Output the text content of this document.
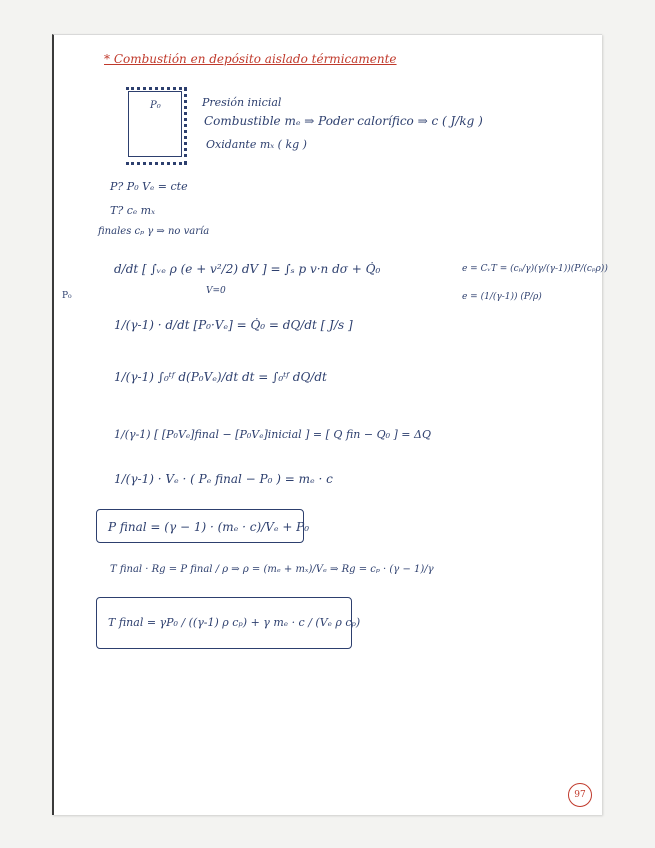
* Combustión en depósito aislado térmicamente
P₀	Presión inicial
Combustible mₑ ⇒ Poder calorífico ⇒ c ( J/kg )
Oxidante mₓ ( kg )
P? P₀ Vₑ = cte
T? cₑ mₓ
finales cₚ γ ⇒ no varía
d/dt [ ∫ᵥₑ ρ (e + v²/2) dV ] = ∫ₛ p v·n dσ + Q̇₀
V=0
e = CᵥT = (cₚ/γ)(γ/(γ-1))(P/(cₚρ))
e = (1/(γ-1)) (P/ρ)
P₀
1/(γ-1) · d/dt [P₀·Vₑ] = Q̇₀ = dQ/dt [ J/s ]
1/(γ-1) ∫₀ᵗᶠ d(P₀Vₑ)/dt dt = ∫₀ᵗᶠ dQ/dt
1/(γ-1) [ [P₀Vₑ]final − [P₀Vₑ]inicial ] = [ Q fin − Q₀ ] = ΔQ
1/(γ-1) · Vₑ · ( Pₑ final − P₀ ) = mₑ · c
P final = (γ − 1) · (mₑ · c)/Vₑ + P₀
T final · Rg = P final / ρ ⇒ ρ = (mₑ + mₓ)/Vₑ ⇒ Rg = cₚ · (γ − 1)/γ
T final = γP₀ / ((γ-1) ρ cₚ) + γ mₑ · c / (Vₑ ρ cₚ)
97
